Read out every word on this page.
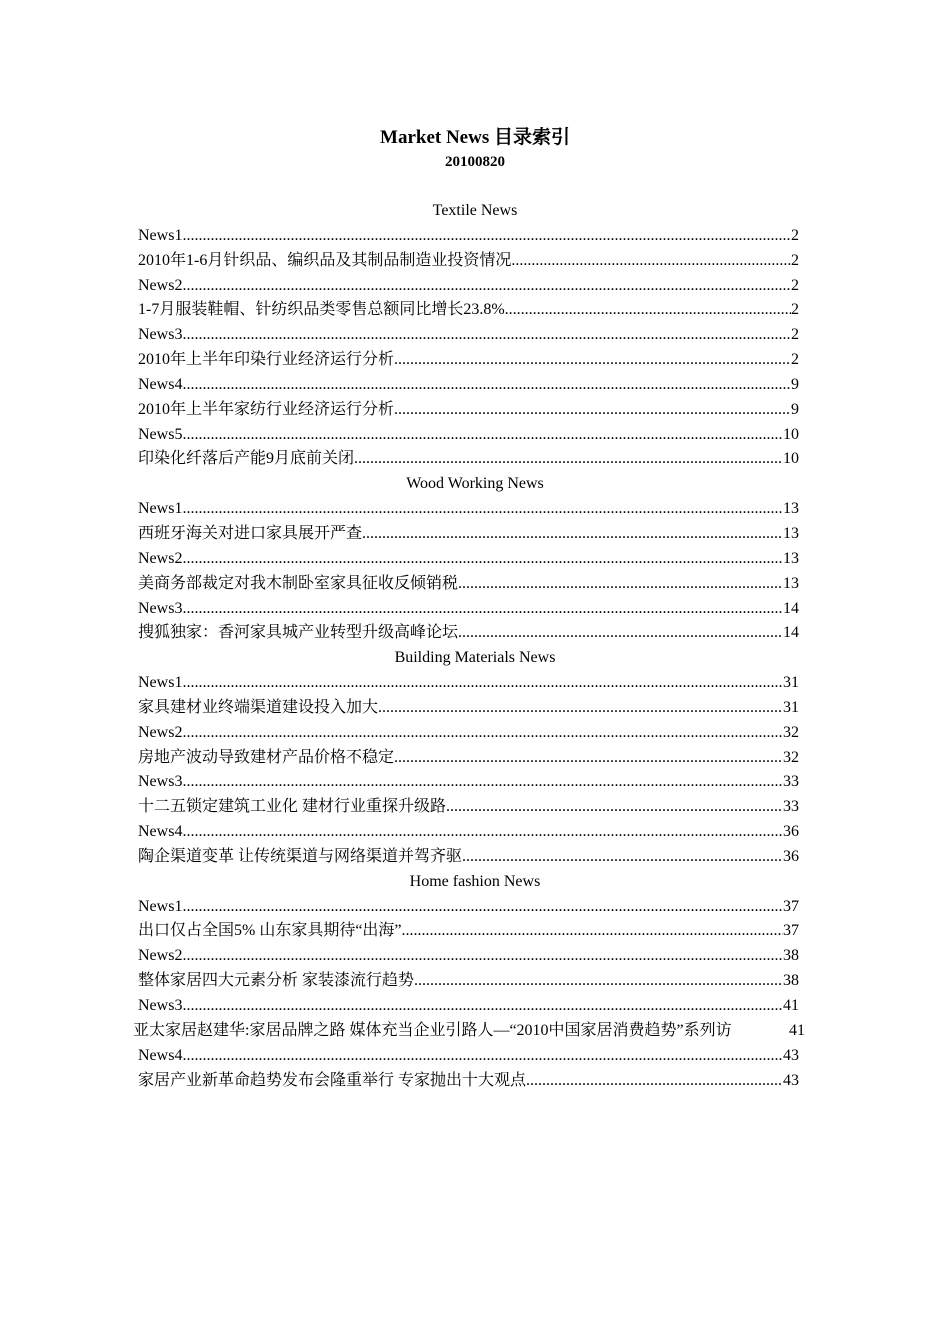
Market News 目录索引
20100820
Textile News
News1 .....	2
2010年1-6月针织品、编织品及其制品制造业投资情况 .....	2
News2 .....	2
1-7月服装鞋帽、针纺织品类零售总额同比增长23.8% .....	2
News3 .....	2
2010年上半年印染行业经济运行分析 .....	2
News4 .....	9
2010年上半年家纺行业经济运行分析 .....	9
News5 .....	10
印染化纤落后产能9月底前关闭 .....	10
Wood Working News
News1 .....	13
西班牙海关对进口家具展开严查 .....	13
News2 .....	13
美商务部裁定对我木制卧室家具征收反倾销税 .....	13
News3 .....	14
搜狐独家：香河家具城产业转型升级高峰论坛 .....	14
Building Materials News
News1 .....	31
家具建材业终端渠道建设投入加大 .....	31
News2 .....	32
房地产波动导致建材产品价格不稳定 .....	32
News3 .....	33
十二五锁定建筑工业化 建材行业重探升级路 .....	33
News4 .....	36
陶企渠道变革 让传统渠道与网络渠道并驾齐驱 .....	36
Home fashion News
News1 .....	37
出口仅占全国5% 山东家具期待“出海” .....	37
News2 .....	38
整体家居四大元素分析 家装漆流行趋势 .....	38
News3 .....	41
亚太家居赵建华:家居品牌之路 媒体充当企业引路人—“2010中国家居消费趋势”系列访	41
News4 .....	43
家居产业新革命趋势发布会隆重举行 专家抛出十大观点 .....	43
